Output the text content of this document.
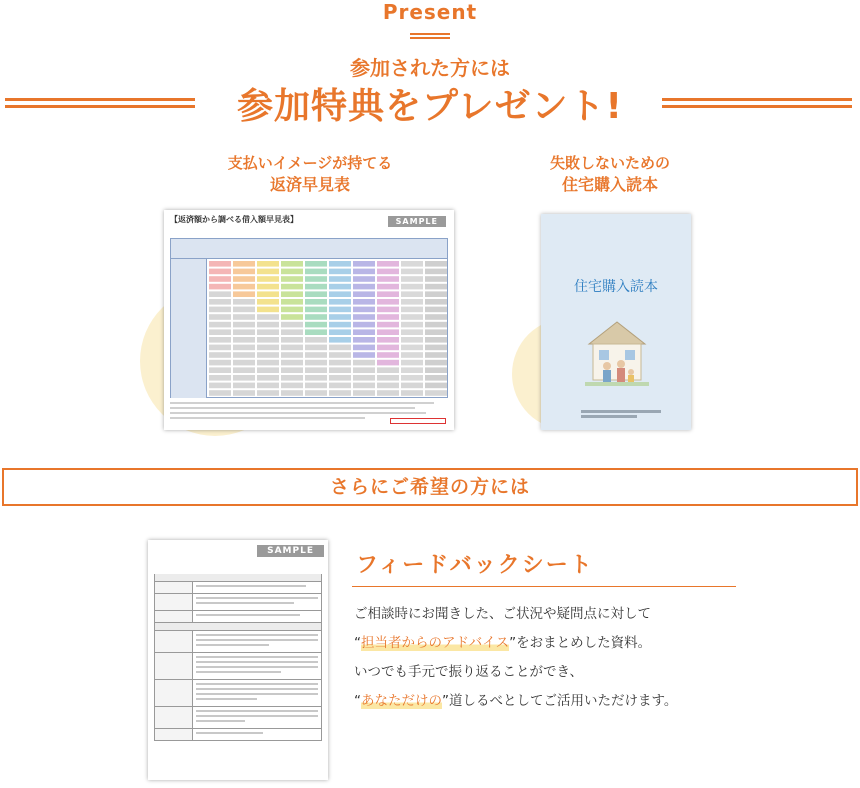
Present
参加された方には
参加特典をプレゼント!
支払いイメージが持てる
返済早見表
【返済額から調べる借入額早見表】	SAMPLE
失敗しないための
住宅購入読本
住宅購入読本
さらにご希望の方には
SAMPLE
フィードバックシート
ご相談時にお聞きした、ご状況や疑問点に対して
“担当者からのアドバイス”をおまとめした資料。
いつでも手元で振り返ることができ、
“あなただけの”道しるべとしてご活用いただけます。
